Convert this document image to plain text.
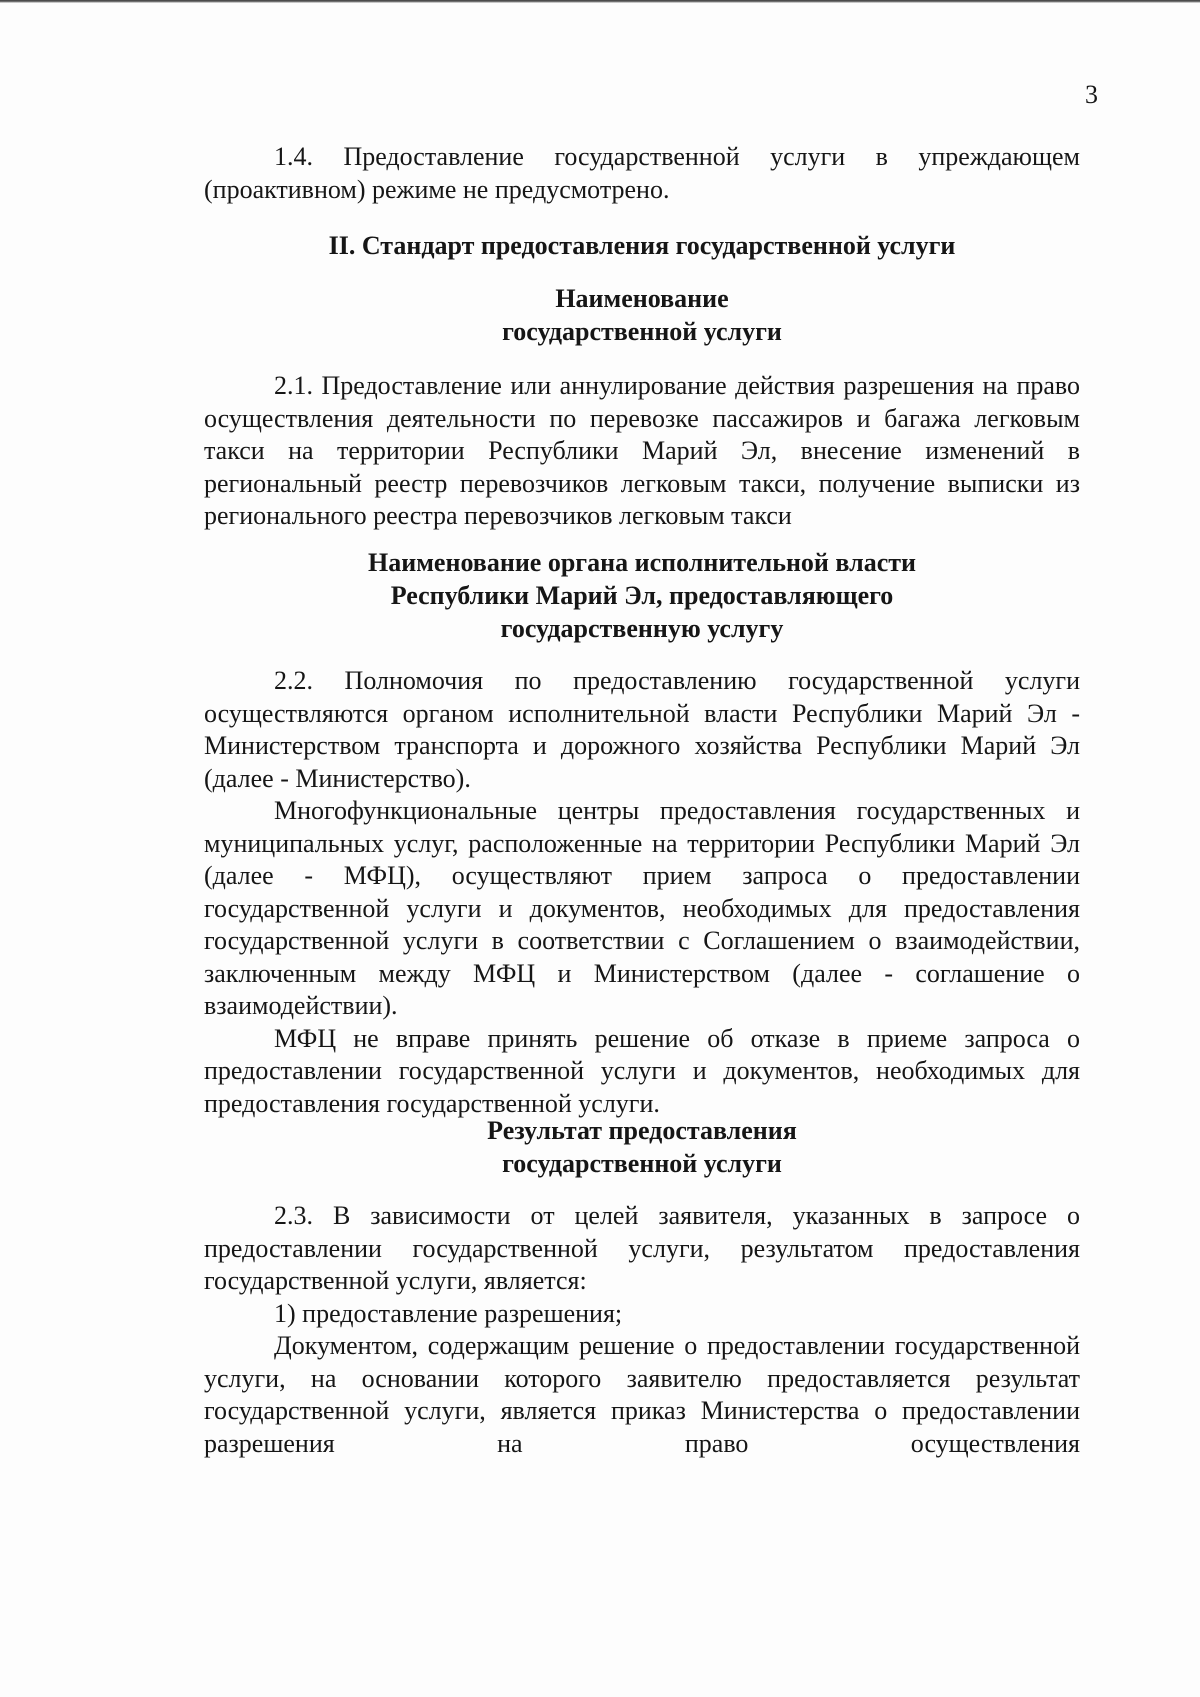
3

1.4. Предоставление государственной услуги в упреждающем (проактивном) режиме не предусмотрено.

II. Стандарт предоставления государственной услуги
Наименование
государственной услуги

2.1. Предоставление или аннулирование действия разрешения на право осуществления деятельности по перевозке пассажиров и багажа легковым такси на территории Республики Марий Эл, внесение изменений в региональный реестр перевозчиков легковым такси, получение выписки из регионального реестра перевозчиков легковым такси

Наименование органа исполнительной власти
Республики Марий Эл, предоставляющего
государственную услугу

2.2. Полномочия по предоставлению государственной услуги осуществляются органом исполнительной власти Республики Марий Эл - Министерством транспорта и дорожного хозяйства Республики Марий Эл (далее - Министерство).

Многофункциональные центры предоставления государственных и муниципальных услуг, расположенные на территории Республики Марий Эл (далее - МФЦ), осуществляют прием запроса о предоставлении государственной услуги и документов, необходимых для предоставления государственной услуги в соответствии с Соглашением о взаимодействии, заключенным между МФЦ и Министерством (далее - соглашение о взаимодействии).

МФЦ не вправе принять решение об отказе в приеме запроса о предоставлении государственной услуги и документов, необходимых для предоставления государственной услуги.

Результат предоставления
государственной услуги

2.3. В зависимости от целей заявителя, указанных в запросе о предоставлении государственной услуги, результатом предоставления государственной услуги, является:

1) предоставление разрешения;

Документом, содержащим решение о предоставлении государственной услуги, на основании которого заявителю предоставляется результат государственной услуги, является приказ Министерства о предоставлении разрешения на право осуществления
